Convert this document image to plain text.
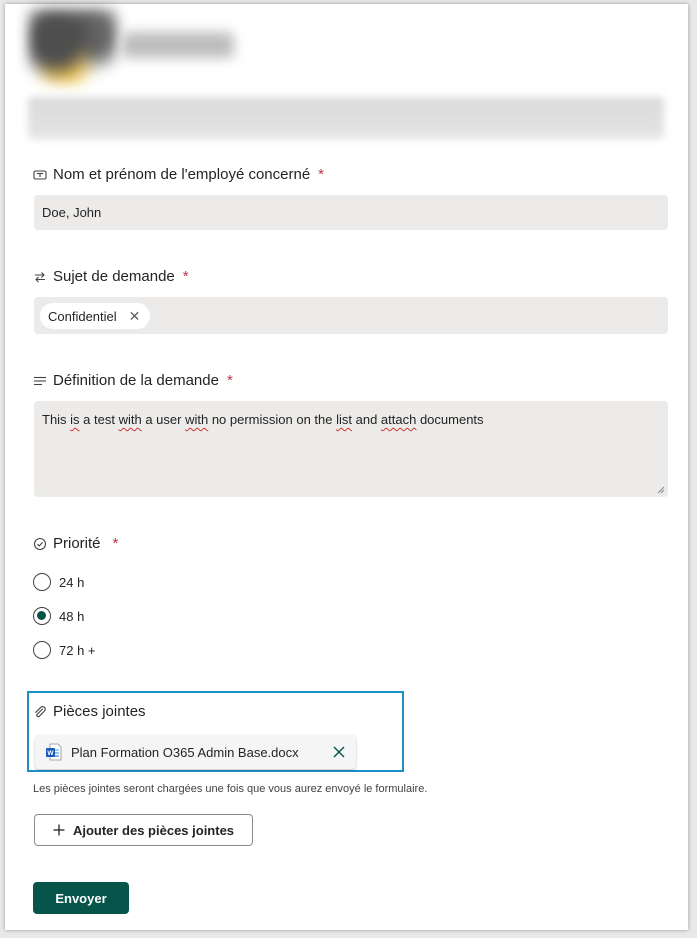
Nom et prénom de l'employé concerné *
Doe, John
Sujet de demande *
Confidentiel ✕
Définition de la demande *
This is a test with a user with no permission on the list and attach documents
Priorité *
24 h
48 h
72 h +
Pièces jointes
W Plan Formation O365 Admin Base.docx
Les pièces jointes seront chargées une fois que vous aurez envoyé le formulaire.
Ajouter des pièces jointes
Envoyer
